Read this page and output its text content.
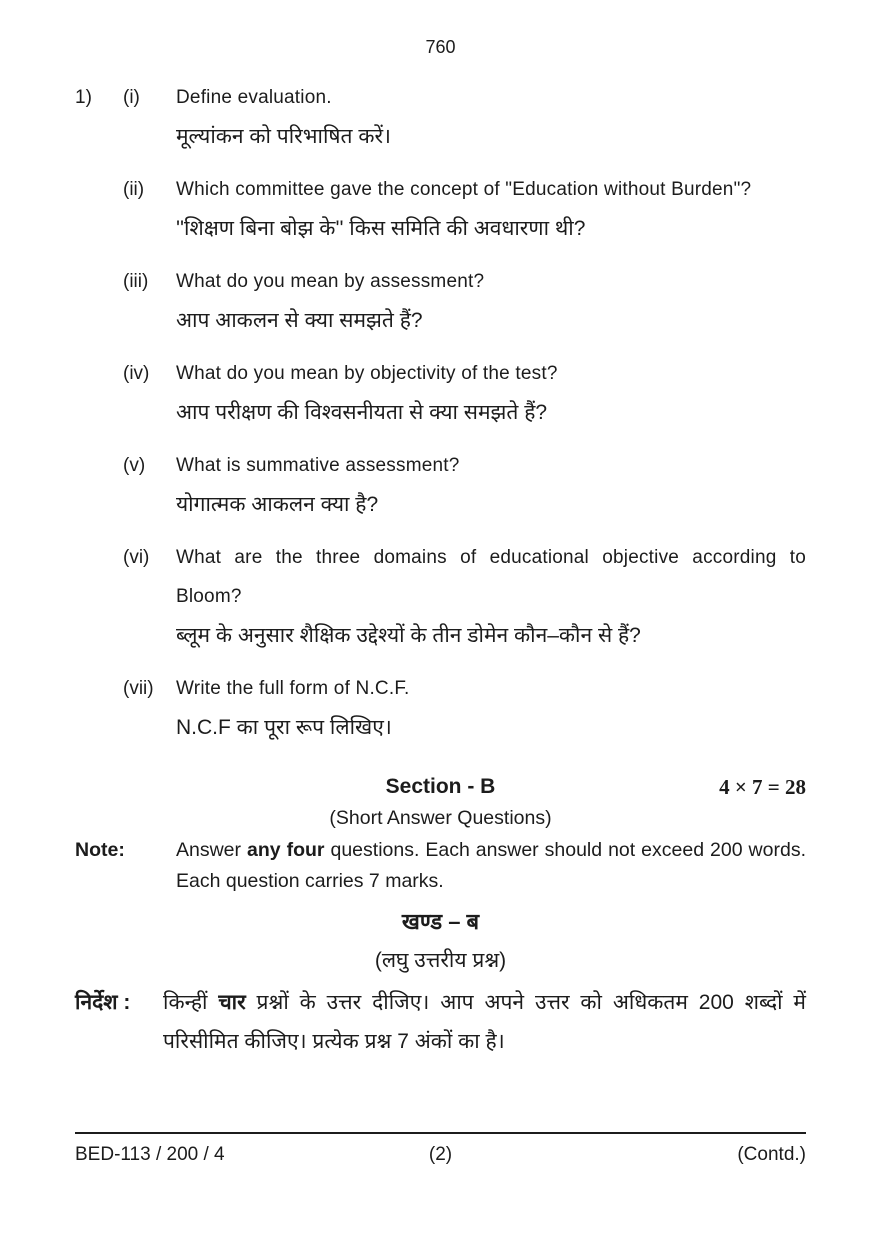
760
1)	(i)	Define evaluation.

मूल्यांकन को परिभाषित करें।

(ii)	Which committee gave the concept of "Education without Burden"?

''शिक्षण बिना बोझ के'' किस समिति की अवधारणा थी?

(iii)	What do you mean by assessment?

आप आकलन से क्या समझते हैं?

(iv)	What do you mean by objectivity of the test?

आप परीक्षण की विश्वसनीयता से क्या समझते हैं?

(v)	What is summative assessment?

योगात्मक आकलन क्या है?

(vi)	What are the three domains of educational objective according to Bloom?

ब्लूम के अनुसार शैक्षिक उद्देश्यों के तीन डोमेन कौन–कौन से हैं?

(vii)	Write the full form of N.C.F.

N.C.F का पूरा रूप लिखिए।

Section - B	4 × 7 = 28
(Short Answer Questions)
Note:	Answer any four questions. Each answer should not exceed 200 words. Each question carries 7 marks.

खण्ड – ब
(लघु उत्तरीय प्रश्न)
निर्देश :	किन्हीं चार प्रश्नों के उत्तर दीजिए। आप अपने उत्तर को अधिकतम 200 शब्दों में परिसीमित कीजिए। प्रत्येक प्रश्न 7 अंकों का है।

BED-113 / 200 / 4	(2)	(Contd.)
